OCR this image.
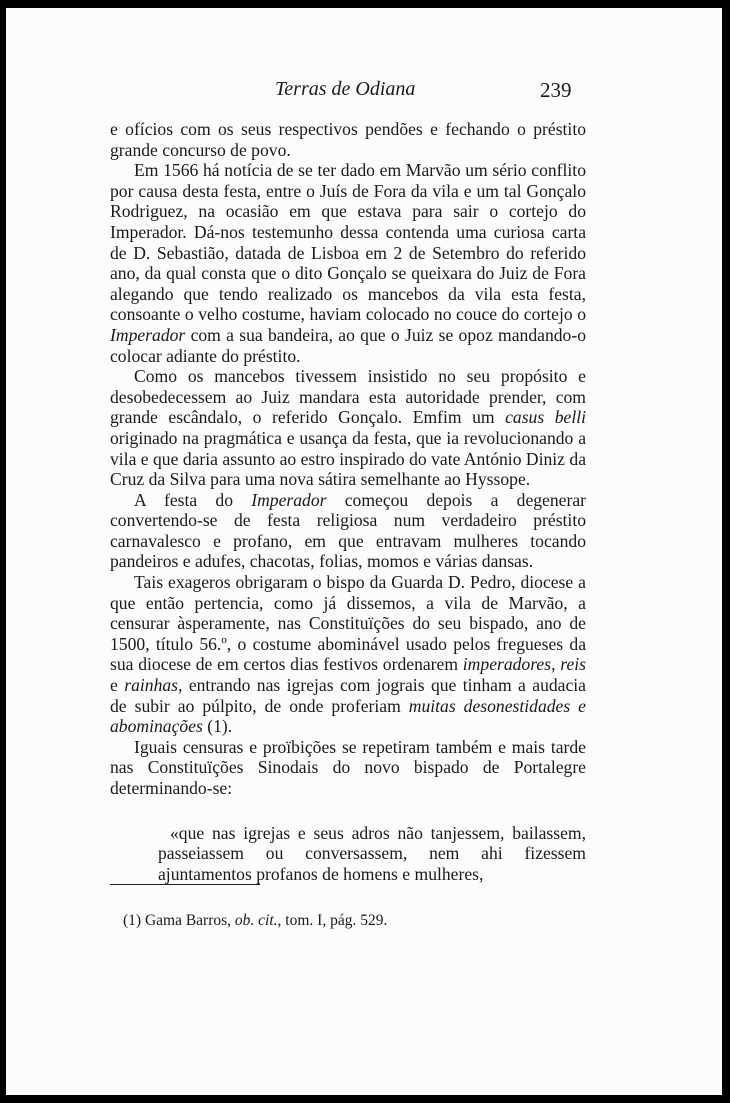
Terras de Odiana	239

e ofícios com os seus respectivos pendões e fechando o préstito grande concurso de povo.

Em 1566 há notícia de se ter dado em Marvão um sério conflito por causa desta festa, entre o Juís de Fora da vila e um tal Gonçalo Rodriguez, na ocasião em que estava para sair o cortejo do Imperador. Dá-nos testemunho dessa contenda uma curiosa carta de D. Sebastião, datada de Lisboa em 2 de Setembro do referido ano, da qual consta que o dito Gonçalo se queixara do Juiz de Fora alegando que tendo realizado os mancebos da vila esta festa, consoante o velho costume, haviam colocado no couce do cortejo o Imperador com a sua bandeira, ao que o Juiz se opoz mandando-o colocar adiante do préstito.

Como os mancebos tivessem insistido no seu propósito e desobedecessem ao Juiz mandara esta autoridade prender, com grande escândalo, o referido Gonçalo. Emfim um casus belli originado na pragmática e usança da festa, que ia revolucionando a vila e que daria assunto ao estro inspirado do vate António Diniz da Cruz da Silva para uma nova sátira semelhante ao Hyssope.

A festa do Imperador começou depois a degenerar convertendo-se de festa religiosa num verdadeiro préstito carnavalesco e profano, em que entravam mulheres tocando pandeiros e adufes, chacotas, folias, momos e várias dansas.

Tais exageros obrigaram o bispo da Guarda D. Pedro, diocese a que então pertencia, como já dissemos, a vila de Marvão, a censurar àsperamente, nas Constituïções do seu bispado, ano de 1500, título 56.º, o costume abominável usado pelos fregueses da sua diocese de em certos dias festivos ordenarem imperadores, reis e rainhas, entrando nas igrejas com jograis que tinham a audacia de subir ao púlpito, de onde proferiam muitas desonestidades e abominações (1).

Iguais censuras e proïbições se repetiram também e mais tarde nas Constituïções Sinodais do novo bispado de Portalegre determinando-se:

«que nas igrejas e seus adros não tanjessem, bailassem, passeiassem ou conversassem, nem ahi fizessem ajuntamentos profanos de homens e mulheres,

(1) Gama Barros, ob. cit., tom. I, pág. 529.
